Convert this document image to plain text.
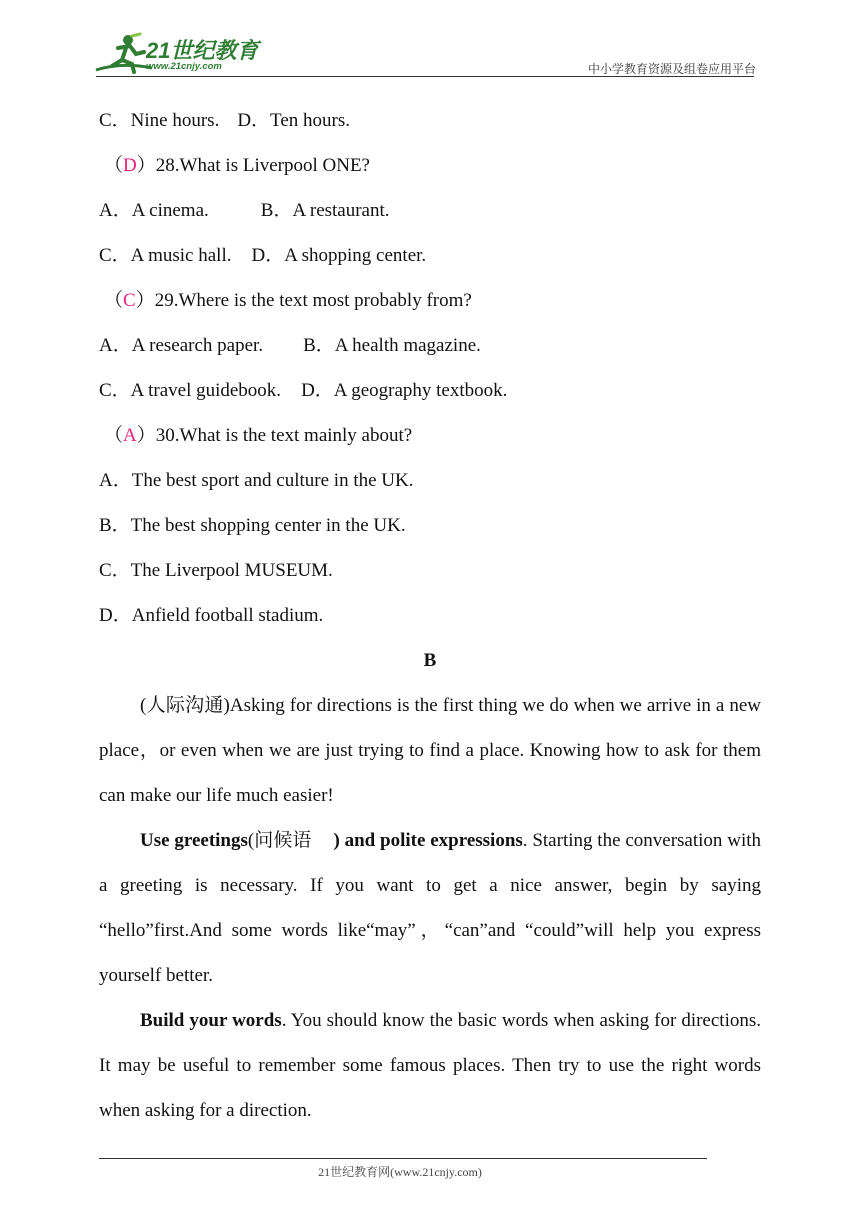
21世纪教育
www.21cnjy.com	中小学教育资源及组卷应用平台
C．Nine hours. D．Ten hours.
（D）28.What is Liverpool ONE?
A．A cinema.	B．A restaurant.
C．A music hall. D．A shopping center.
（C）29.Where is the text most probably from?
A．A research paper. B．A health magazine.
C．A travel guidebook. D．A geography textbook.
（A）30.What is the text mainly about?
A．The best sport and culture in the UK.
B．The best shopping center in the UK.
C．The Liverpool MUSEUM.
D．Anfield football stadium.
B
(人际沟通)Asking for directions is the first thing we do when we arrive in a new place，or even when we are just trying to find a place. Knowing how to ask for them can make our life much easier!
Use greetings(问候语 ) and polite expressions. Starting the conversation with a greeting is necessary. If you want to get a nice answer, begin by saying “hello”first.And some words like“may”，“can”and “could”will help you express yourself better.
Build your words. You should know the basic words when asking for directions. It may be useful to remember some famous places. Then try to use the right words when asking for a direction.
21世纪教育网(www.21cnjy.com)
